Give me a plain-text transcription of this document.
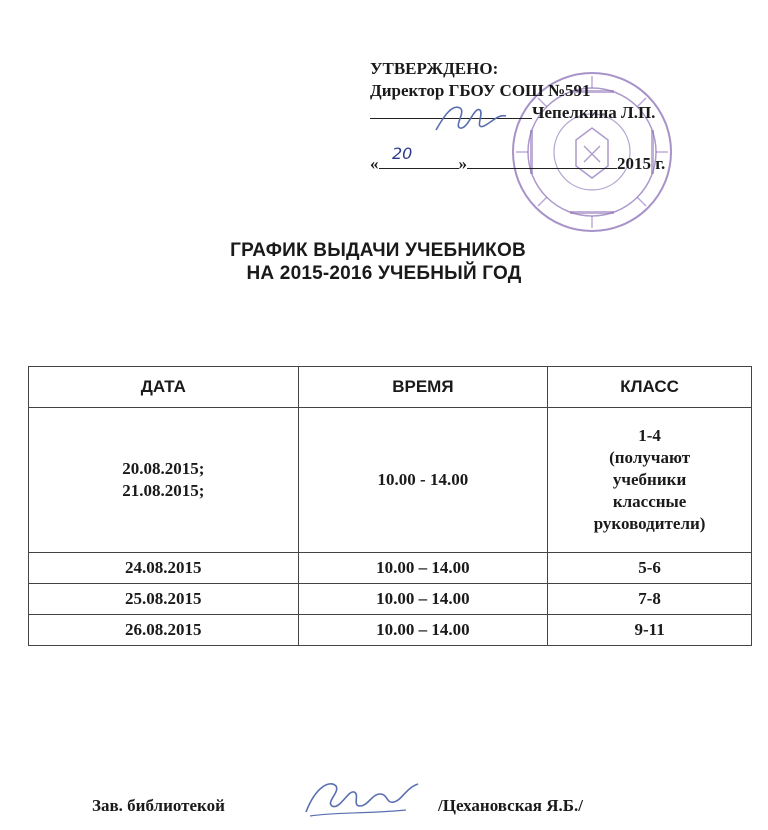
УТВЕРЖДЕНО:
Директор ГБОУ СОШ №591
Чепелкина Л.П.
«	»	2015 г.
20
ГРАФИК ВЫДАЧИ УЧЕБНИКОВ
НА 2015-2016 УЧЕБНЫЙ ГОД
ДАТА	ВРЕМЯ	КЛАСС

20.08.2015;
21.08.2015;	10.00 - 14.00	1-4
(получают
учебники
классные
руководители)

24.08.2015	10.00 – 14.00	5-6
25.08.2015	10.00 – 14.00	7-8
26.08.2015	10.00 – 14.00	9-11
Зав. библиотекой	/Цехановская Я.Б./
